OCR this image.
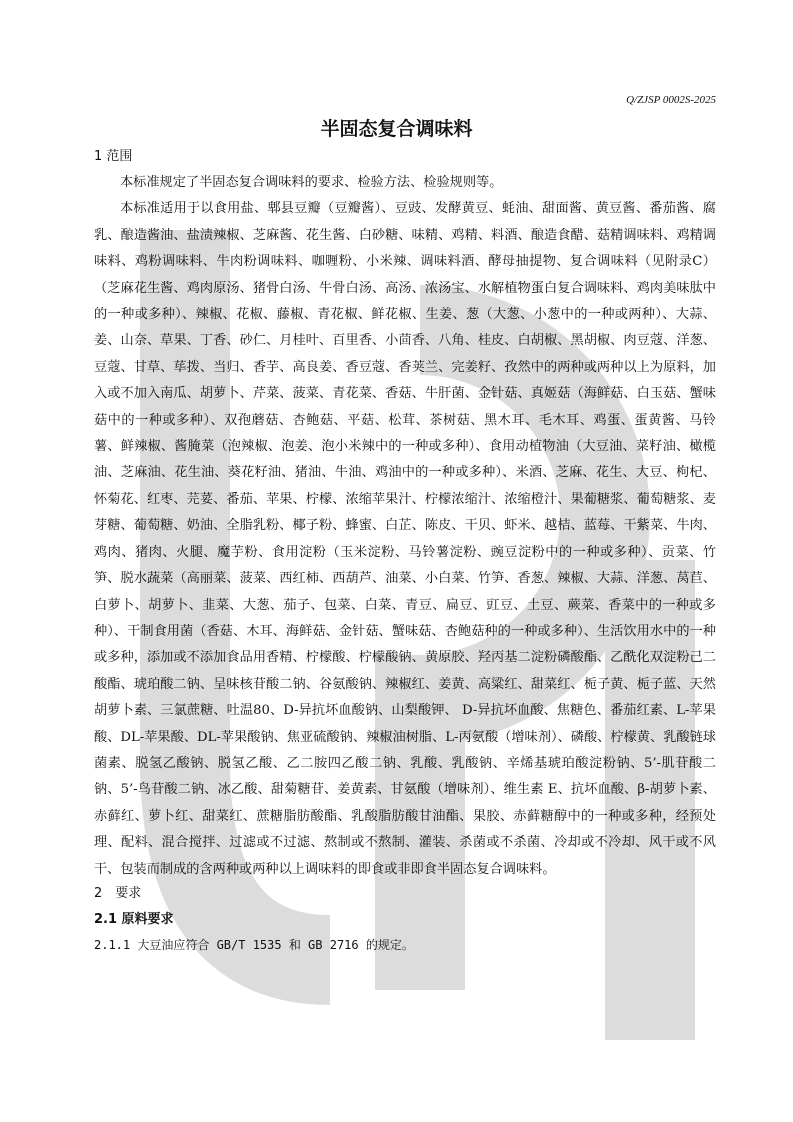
Q/ZJSP 0002S-2025
半固态复合调味料

1 范围

本标准规定了半固态复合调味料的要求、检验方法、检验规则等。

本标准适用于以食用盐、郫县豆瓣（豆瓣酱）、豆豉、发酵黄豆、蚝油、甜面酱、黄豆酱、番茄酱、腐乳、酿造酱油、盐渍辣椒、芝麻酱、花生酱、白砂糖、味精、鸡精、料酒、酿造食醋、菇精调味料、鸡精调味料、鸡粉调味料、牛肉粉调味料、咖喱粉、小米辣、调味料酒、酵母抽提物、复合调味料（见附录C）（芝麻花生酱、鸡肉原汤、猪骨白汤、牛骨白汤、高汤、浓汤宝、水解植物蛋白复合调味料、鸡肉美味肽中的一种或多种）、辣椒、花椒、藤椒、青花椒、鲜花椒、生姜、葱（大葱、小葱中的一种或两种）、大蒜、姜、山奈、草果、丁香、砂仁、月桂叶、百里香、小茴香、八角、桂皮、白胡椒、黑胡椒、肉豆蔻、洋葱、豆蔻、甘草、荜拨、当归、香芋、高良姜、香豆蔻、香荚兰、完姜籽、孜然中的两种或两种以上为原料，加入或不加入南瓜、胡萝卜、芹菜、菠菜、青花菜、香菇、牛肝菌、金针菇、真姬菇（海鲜菇、白玉菇、蟹味菇中的一种或多种）、双孢蘑菇、杏鲍菇、平菇、松茸、茶树菇、黑木耳、毛木耳、鸡蛋、蛋黄酱、马铃薯、鲜辣椒、酱腌菜（泡辣椒、泡姜、泡小米辣中的一种或多种）、食用动植物油（大豆油、菜籽油、橄榄油、芝麻油、花生油、葵花籽油、猪油、牛油、鸡油中的一种或多种）、米酒、芝麻、花生、大豆、枸杞、怀菊花、红枣、芫荽、番茄、苹果、柠檬、浓缩苹果汁、柠檬浓缩汁、浓缩橙汁、果葡糖浆、葡萄糖浆、麦芽糖、葡萄糖、奶油、全脂乳粉、椰子粉、蜂蜜、白芷、陈皮、干贝、虾米、越桔、蓝莓、干紫菜、牛肉、鸡肉、猪肉、火腿、魔芋粉、食用淀粉（玉米淀粉、马铃薯淀粉、豌豆淀粉中的一种或多种）、贡菜、竹笋、脱水蔬菜（高丽菜、菠菜、西红柿、西葫芦、油菜、小白菜、竹笋、香葱、辣椒、大蒜、洋葱、莴苣、白萝卜、胡萝卜、韭菜、大葱、茄子、包菜、白菜、青豆、扁豆、豇豆、土豆、蕨菜、香菜中的一种或多种）、干制食用菌（香菇、木耳、海鲜菇、金针菇、蟹味菇、杏鲍菇种的一种或多种）、生活饮用水中的一种或多种，添加或不添加食品用香精、柠檬酸、柠檬酸钠、黄原胶、羟丙基二淀粉磷酸酯、乙酰化双淀粉己二酸酯、琥珀酸二钠、呈味核苷酸二钠、谷氨酸钠、辣椒红、姜黄、高粱红、甜菜红、栀子黄、栀子蓝、天然胡萝卜素、三氯蔗糖、吐温80、D-异抗坏血酸钠、山梨酸钾、 D-异抗坏血酸、焦糖色、番茄红素、L-苹果酸、DL-苹果酸、DL-苹果酸钠、焦亚硫酸钠、辣椒油树脂、L-丙氨酸（增味剂）、磷酸、柠檬黄、乳酸链球菌素、脱氢乙酸钠、脱氢乙酸、乙二胺四乙酸二钠、乳酸、乳酸钠、辛烯基琥珀酸淀粉钠、5’-肌苷酸二钠、5’-鸟苷酸二钠、冰乙酸、甜菊糖苷、姜黄素、甘氨酸（增味剂）、维生素 E、抗坏血酸、β-胡萝卜素、赤藓红、萝卜红、甜菜红、蔗糖脂肪酸酯、乳酸脂肪酸甘油酯、果胶、赤藓糖醇中的一种或多种，经预处理、配料、混合搅拌、过滤或不过滤、熬制或不熬制、灌装、杀菌或不杀菌、冷却或不冷却、风干或不风干、包装而制成的含两种或两种以上调味料的即食或非即食半固态复合调味料。

2　要求

2.1 原料要求

2.1.1 大豆油应符合 GB/T 1535 和 GB 2716 的规定。
